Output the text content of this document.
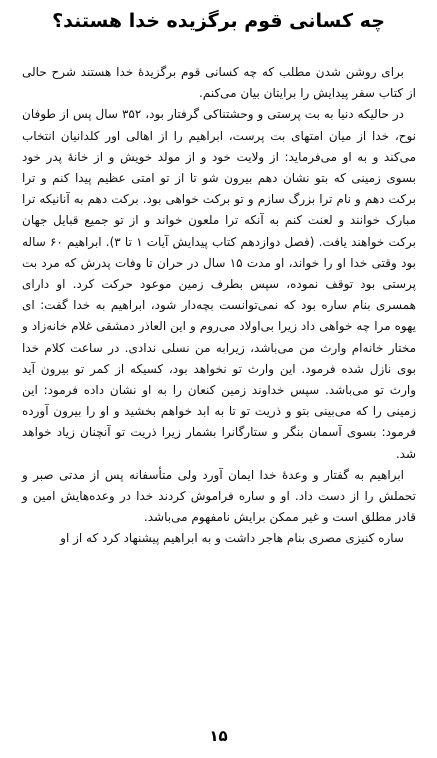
چه کسانی قوم برگزیده خدا هستند؟

برای روشن شدن مطلب که چه کسانی قوم برگزیدهٔ خدا هستند شرح حالی از کتاب سفر پیدایش را برایتان بیان می‌کنم.

در حالیکه دنیا به بت پرستی و وحشتناکی گرفتار بود، ۳۵۲ سال پس از طوفان نوح، خدا از میان امتهای بت پرست، ابراهیم را از اهالی اور کلدانیان انتخاب می‌کند و به او می‌فرماید: از ولایت خود و از مولد خویش و از خانهٔ پدر خود بسوی زمینی که بتو نشان دهم بیرون شو تا از تو امتی عظیم پیدا کنم و ترا برکت دهم و نام ترا بزرگ سازم و تو برکت خواهی بود. برکت دهم به آنانیکه ترا مبارک خوانند و لعنت کنم به آنکه ترا ملعون خواند و از تو جمیع قبایل جهان برکت خواهند یافت. (فصل دوازدهم کتاب پیدایش آیات ۱ تا ۳). ابراهیم ۶۰ ساله بود وقتی خدا او را خواند، او مدت ۱۵ سال در حران تا وفات پدرش که مرد بت پرستی بود توقف نموده، سپس بطرف زمین موعود حرکت کرد. او دارای همسری بنام ساره بود که نمی‌توانست بچه‌دار شود، ابراهیم به خدا گفت: ای یهوه مرا چه خواهی داد زیرا بی‌اولاد می‌روم و این العاذر دمشقی غلام خانه‌زاد و مختار خانه‌ام وارث من می‌باشد، زیرابه من نسلی ندادی. در ساعت کلام خدا بوی نازل شده فرمود. این وارث تو نخواهد بود، کسیکه از کمر تو بیرون آید وارث تو می‌باشد. سپس خداوند زمین کنعان را به او نشان داده فرمود: این زمینی را که می‌بینی بتو و ذریت تو تا به ابد خواهم بخشید و او را بیرون آورده فرمود: بسوی آسمان بنگر و ستارگانرا بشمار زیرا ذریت تو آنچنان زیاد خواهد شد.

ابراهیم به گفتار و وعدهٔ خدا ایمان آورد ولی متأسفانه پس از مدتی صبر و تحملش را از دست داد. او و ساره فراموش کردند خدا در وعده‌هایش امین و قادر مطلق است و غیر ممکن برایش نامفهوم می‌باشد.

ساره کنیزی مصری بنام هاجر داشت و به ابراهیم پیشنهاد کرد که از او

۱۵
